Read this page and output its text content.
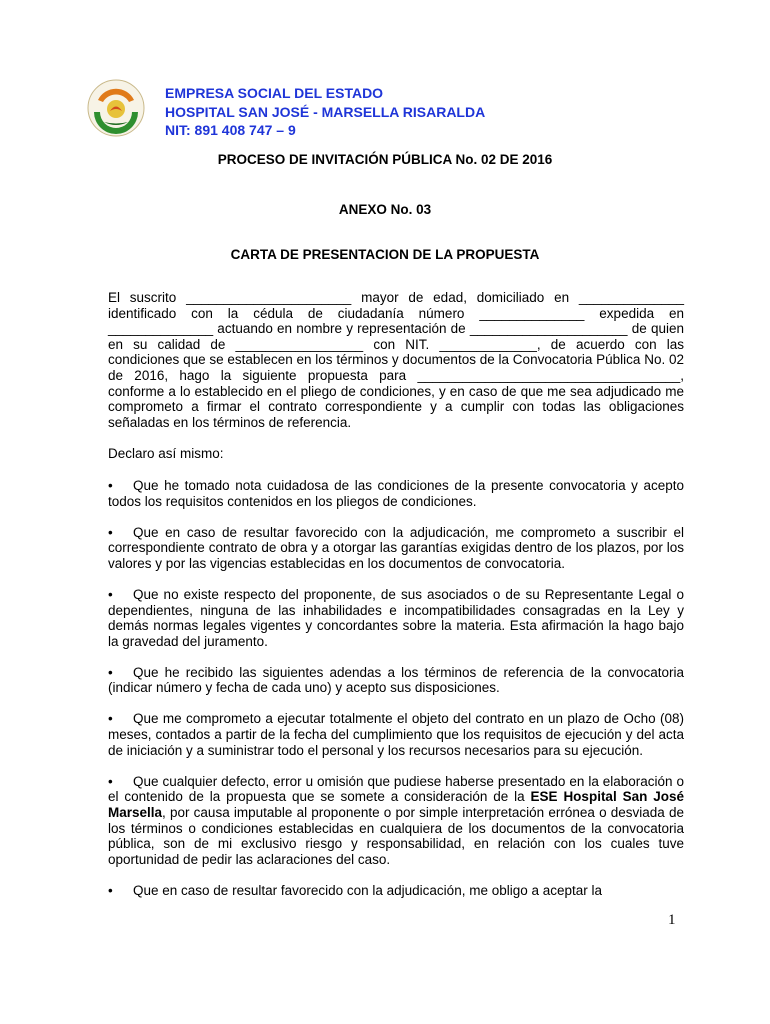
EMPRESA SOCIAL DEL ESTADO
HOSPITAL SAN JOSÉ - MARSELLA RISARALDA
NIT: 891 408 747 – 9
PROCESO DE INVITACIÓN PÚBLICA No. 02 DE 2016
ANEXO No. 03
CARTA DE PRESENTACION DE LA PROPUESTA

El suscrito ______________________ mayor de edad, domiciliado en ______________ identificado con la cédula de ciudadanía número ______________ expedida en ______________ actuando en nombre y representación de _____________________ de quien en su calidad de _________________ con NIT. _____________, de acuerdo con las condiciones que se establecen en los términos y documentos de la Convocatoria Pública No. 02 de 2016, hago la siguiente propuesta para ___________________________________, conforme a lo establecido en el pliego de condiciones, y en caso de que me sea adjudicado me comprometo a firmar el contrato correspondiente y a cumplir con todas las obligaciones señaladas en los términos de referencia.

Declaro así mismo:

• Que he tomado nota cuidadosa de las condiciones de la presente convocatoria y acepto todos los requisitos contenidos en los pliegos de condiciones.
• Que en caso de resultar favorecido con la adjudicación, me comprometo a suscribir el correspondiente contrato de obra y a otorgar las garantías exigidas dentro de los plazos, por los valores y por las vigencias establecidas en los documentos de convocatoria.
• Que no existe respecto del proponente, de sus asociados o de su Representante Legal o dependientes, ninguna de las inhabilidades e incompatibilidades consagradas en la Ley y demás normas legales vigentes y concordantes sobre la materia. Esta afirmación la hago bajo la gravedad del juramento.
• Que he recibido las siguientes adendas a los términos de referencia de la convocatoria (indicar número y fecha de cada uno) y acepto sus disposiciones.
• Que me comprometo a ejecutar totalmente el objeto del contrato en un plazo de Ocho (08) meses, contados a partir de la fecha del cumplimiento que los requisitos de ejecución y del acta de iniciación y a suministrar todo el personal y los recursos necesarios para su ejecución.
• Que cualquier defecto, error u omisión que pudiese haberse presentado en la elaboración o el contenido de la propuesta que se somete a consideración de la ESE Hospital San José Marsella, por causa imputable al proponente o por simple interpretación errónea o desviada de los términos o condiciones establecidas en cualquiera de los documentos de la convocatoria pública, son de mi exclusivo riesgo y responsabilidad, en relación con los cuales tuve oportunidad de pedir las aclaraciones del caso.
• Que en caso de resultar favorecido con la adjudicación, me obligo a aceptar la
1
